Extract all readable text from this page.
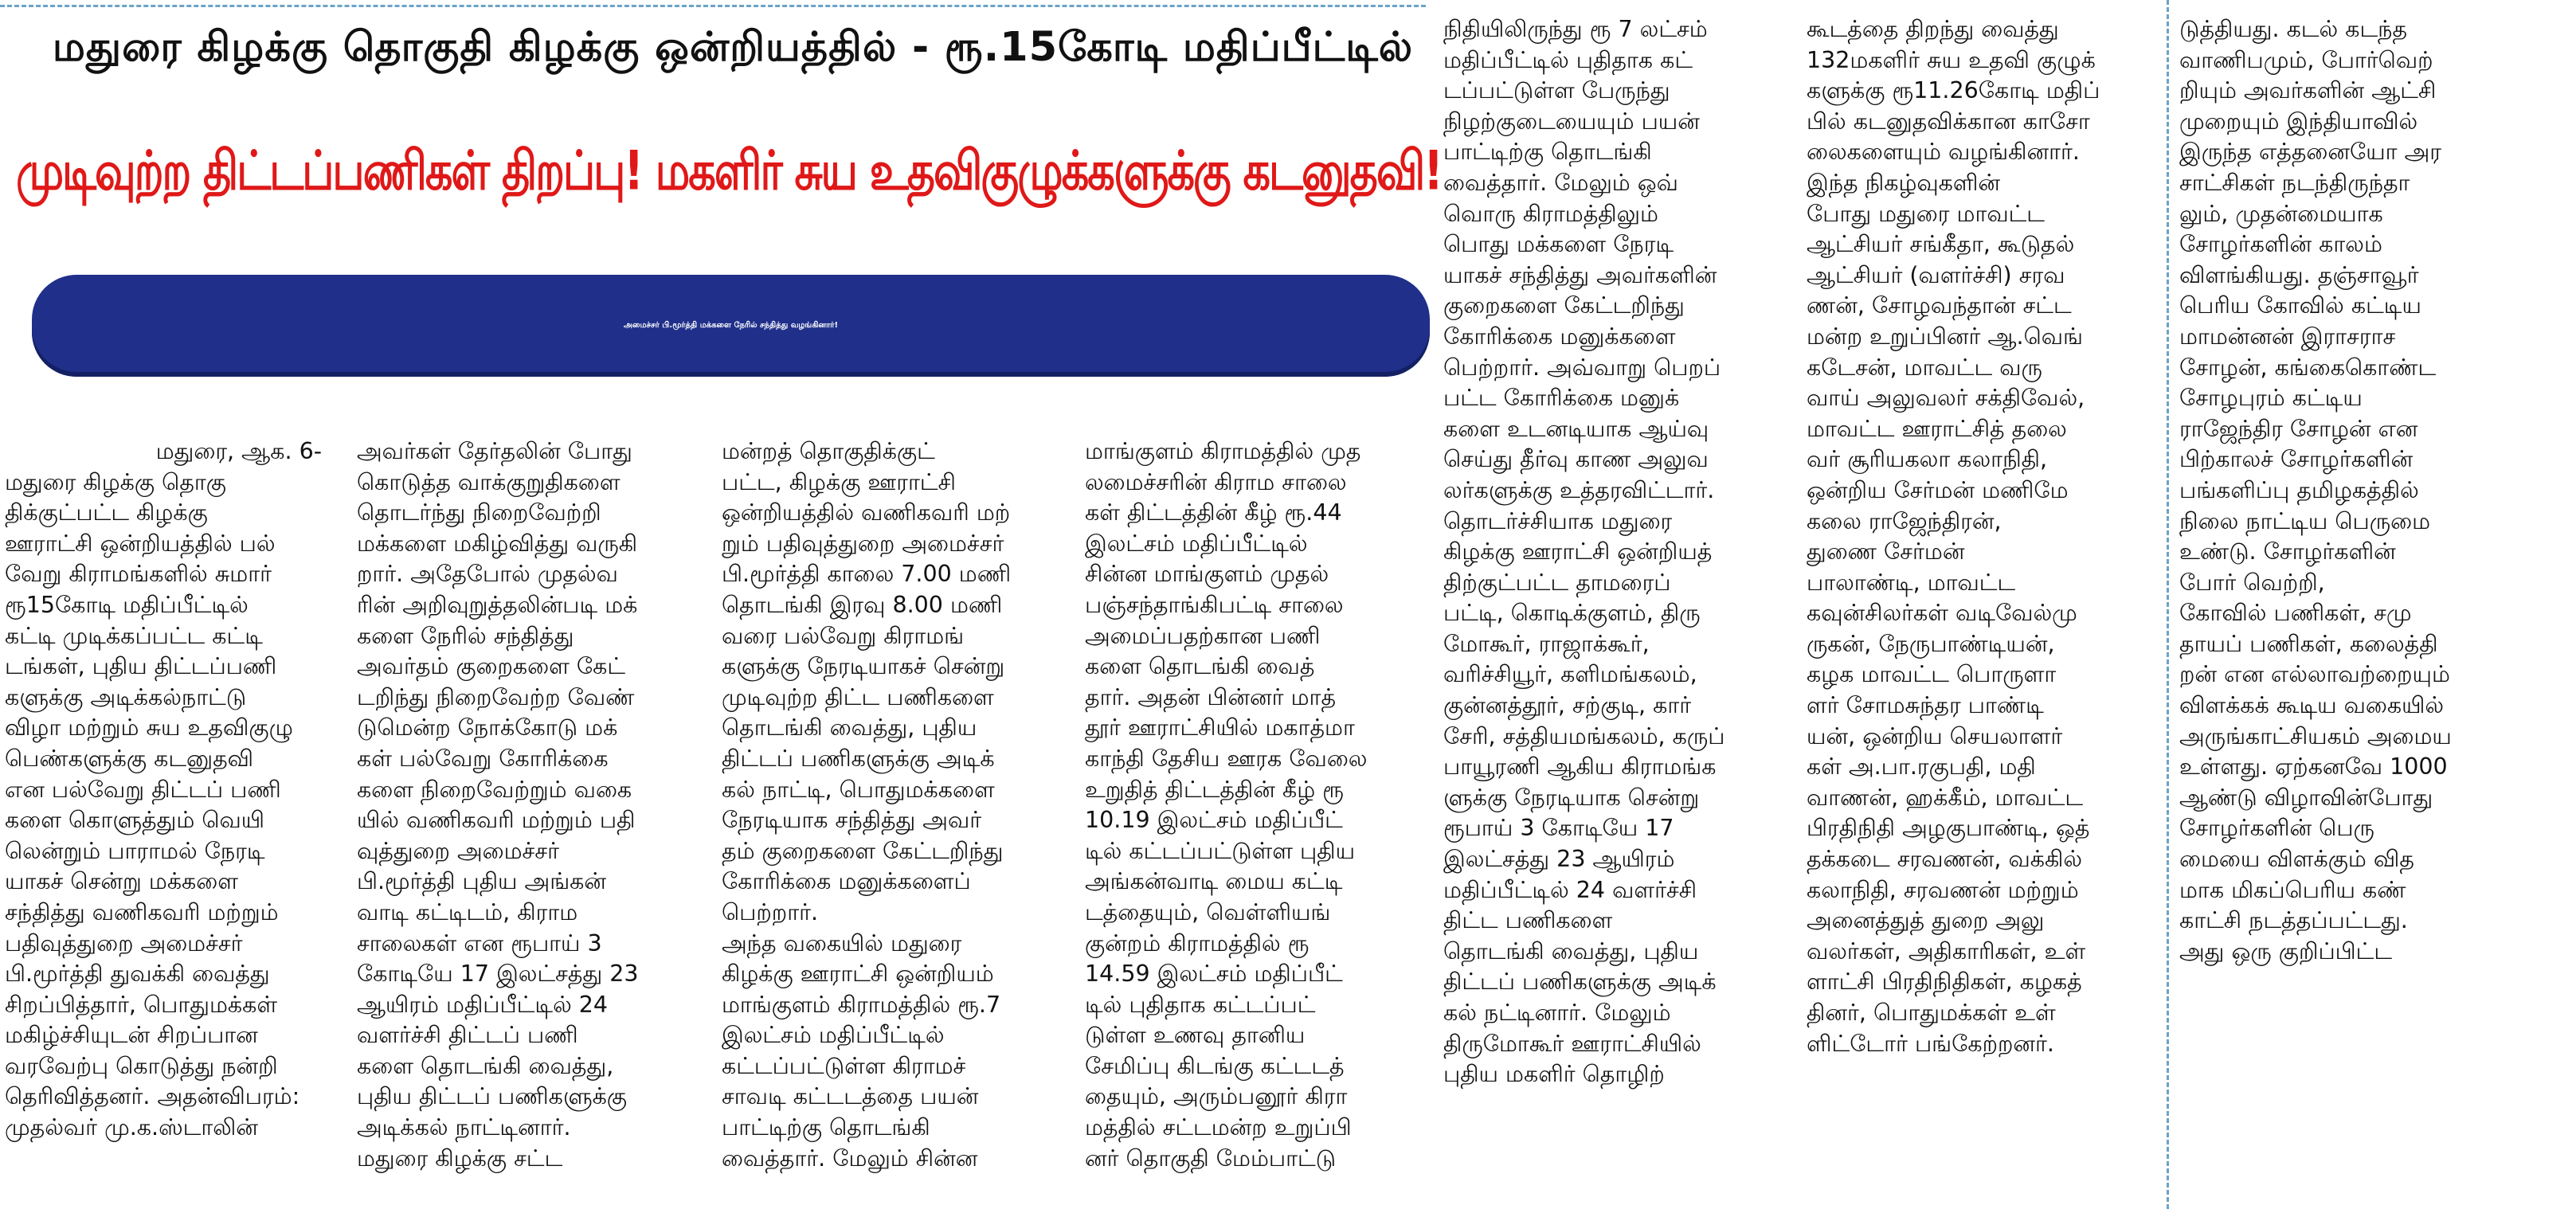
மதுரை கிழக்கு தொகுதி கிழக்கு ஒன்றியத்தில் - ரூ.15கோடி மதிப்பீட்டில்
முடிவுற்ற திட்டப்பணிகள் திறப்பு! மகளிர் சுய உதவிகுழுக்களுக்கு கடனுதவி!
அமைச்சர் பி.மூர்த்தி மக்களை நேரில் சந்தித்து வழங்கினார்!
மதுரை, ஆக. 6-
மதுரை கிழக்கு தொகு
திக்குட்பட்ட கிழக்கு
ஊராட்சி ஒன்றியத்தில் பல்
வேறு கிராமங்களில் சுமார்
ரூ15கோடி மதிப்பீட்டில்
கட்டி முடிக்கப்பட்ட கட்டி
டங்கள், புதிய திட்டப்பணி
களுக்கு அடிக்கல்நாட்டு
விழா மற்றும் சுய உதவிகுழு
பெண்களுக்கு கடனுதவி
என பல்வேறு திட்டப் பணி
களை கொளுத்தும் வெயி
லென்றும் பாராமல் நேரடி
யாகச் சென்று மக்களை
சந்தித்து வணிகவரி மற்றும்
பதிவுத்துறை அமைச்சர்
பி.மூர்த்தி துவக்கி வைத்து
சிறப்பித்தார், பொதுமக்கள்
மகிழ்ச்சியுடன் சிறப்பான
வரவேற்பு கொடுத்து நன்றி
தெரிவித்தனர். அதன்விபரம்:
முதல்வர் மு.க.ஸ்டாலின்
அவர்கள் தேர்தலின் போது
கொடுத்த வாக்குறுதிகளை
தொடர்ந்து நிறைவேற்றி
மக்களை மகிழ்வித்து வருகி
றார். அதேபோல் முதல்வ
ரின் அறிவுறுத்தலின்படி மக்
களை நேரில் சந்தித்து
அவர்தம் குறைகளை கேட்
டறிந்து நிறைவேற்ற வேண்
டுமென்ற நோக்கோடு மக்
கள் பல்வேறு கோரிக்கை
களை நிறைவேற்றும் வகை
யில் வணிகவரி மற்றும் பதி
வுத்துறை அமைச்சர்
பி.மூர்த்தி புதிய அங்கன்
வாடி கட்டிடம், கிராம
சாலைகள் என ரூபாய் 3
கோடியே 17 இலட்சத்து 23
ஆயிரம் மதிப்பீட்டில் 24
வளர்ச்சி திட்டப் பணி
களை தொடங்கி வைத்து,
புதிய திட்டப் பணிகளுக்கு
அடிக்கல் நாட்டினார்.
மதுரை கிழக்கு சட்ட
மன்றத் தொகுதிக்குட்
பட்ட, கிழக்கு ஊராட்சி
ஒன்றியத்தில் வணிகவரி மற்
றும் பதிவுத்துறை அமைச்சர்
பி.மூர்த்தி காலை 7.00 மணி
தொடங்கி இரவு 8.00 மணி
வரை பல்வேறு கிராமங்
களுக்கு நேரடியாகச் சென்று
முடிவுற்ற திட்ட பணிகளை
தொடங்கி வைத்து, புதிய
திட்டப் பணிகளுக்கு அடிக்
கல் நாட்டி, பொதுமக்களை
நேரடியாக சந்தித்து அவர்
தம் குறைகளை கேட்டறிந்து
கோரிக்கை மனுக்களைப்
பெற்றார்.
அந்த வகையில் மதுரை
கிழக்கு ஊராட்சி ஒன்றியம்
மாங்குளம் கிராமத்தில் ரூ.7
இலட்சம் மதிப்பீட்டில்
கட்டப்பட்டுள்ள கிராமச்
சாவடி கட்டடத்தை பயன்
பாட்டிற்கு தொடங்கி
வைத்தார். மேலும் சின்ன
மாங்குளம் கிராமத்தில் முத
லமைச்சரின் கிராம சாலை
கள் திட்டத்தின் கீழ் ரூ.44
இலட்சம் மதிப்பீட்டில்
சின்ன மாங்குளம் முதல்
பஞ்சந்தாங்கிபட்டி சாலை
அமைப்பதற்கான பணி
களை தொடங்கி வைத்
தார். அதன் பின்னர் மாத்
தூர் ஊராட்சியில் மகாத்மா
காந்தி தேசிய ஊரக வேலை
உறுதித் திட்டத்தின் கீழ் ரூ
10.19 இலட்சம் மதிப்பீட்
டில் கட்டப்பட்டுள்ள புதிய
அங்கன்வாடி மைய கட்டி
டத்தையும், வெள்ளியங்
குன்றம் கிராமத்தில் ரூ
14.59 இலட்சம் மதிப்பீட்
டில் புதிதாக கட்டப்பட்
டுள்ள உணவு தானிய
சேமிப்பு கிடங்கு கட்டடத்
தையும், அரும்பனூர் கிரா
மத்தில் சட்டமன்ற உறுப்பி
னர் தொகுதி மேம்பாட்டு
நிதியிலிருந்து ரூ 7 லட்சம்
மதிப்பீட்டில் புதிதாக கட்
டப்பட்டுள்ள பேருந்து
நிழற்குடையையும் பயன்
பாட்டிற்கு தொடங்கி
வைத்தார். மேலும் ஒவ்
வொரு கிராமத்திலும்
பொது மக்களை நேரடி
யாகச் சந்தித்து அவர்களின்
குறைகளை கேட்டறிந்து
கோரிக்கை மனுக்களை
பெற்றார். அவ்வாறு பெறப்
பட்ட கோரிக்கை மனுக்
களை உடனடியாக ஆய்வு
செய்து தீர்வு காண அலுவ
லர்களுக்கு உத்தரவிட்டார்.
தொடர்ச்சியாக மதுரை
கிழக்கு ஊராட்சி ஒன்றியத்
திற்குட்பட்ட தாமரைப்
பட்டி, கொடிக்குளம், திரு
மோகூர், ராஜாக்கூர்,
வரிச்சியூர், களிமங்கலம்,
குன்னத்தூர், சற்குடி, கார்
சேரி, சத்தியமங்கலம், கருப்
பாயூரணி ஆகிய கிராமங்க
ளுக்கு நேரடியாக சென்று
ரூபாய் 3 கோடியே 17
இலட்சத்து 23 ஆயிரம்
மதிப்பீட்டில் 24 வளர்ச்சி
திட்ட பணிகளை
தொடங்கி வைத்து, புதிய
திட்டப் பணிகளுக்கு அடிக்
கல் நட்டினார். மேலும்
திருமோகூர் ஊராட்சியில்
புதிய மகளிர் தொழிற்
கூடத்தை திறந்து வைத்து
132மகளிர் சுய உதவி குழுக்
களுக்கு ரூ11.26கோடி மதிப்
பில் கடனுதவிக்கான காசோ
லைகளையும் வழங்கினார்.
இந்த நிகழ்வுகளின்
போது மதுரை மாவட்ட
ஆட்சியர் சங்கீதா, கூடுதல்
ஆட்சியர் (வளர்ச்சி) சரவ
ணன், சோழவந்தான் சட்ட
மன்ற உறுப்பினர் ஆ.வெங்
கடேசன், மாவட்ட வரு
வாய் அலுவலர் சக்திவேல்,
மாவட்ட ஊராட்சித் தலை
வர் சூரியகலா கலாநிதி,
ஒன்றிய சேர்மன் மணிமே
கலை ராஜேந்திரன்,
துணை சேர்மன்
பாலாண்டி, மாவட்ட
கவுன்சிலர்கள் வடிவேல்மு
ருகன், நேருபாண்டியன்,
கழக மாவட்ட பொருளா
ளர் சோமசுந்தர பாண்டி
யன், ஒன்றிய செயலாளர்
கள் அ.பா.ரகுபதி, மதி
வாணன், ஹக்கீம், மாவட்ட
பிரதிநிதி அழகுபாண்டி, ஒத்
தக்கடை சரவணன், வக்கில்
கலாநிதி, சரவணன் மற்றும்
அனைத்துத் துறை அலு
வலர்கள், அதிகாரிகள், உள்
ளாட்சி பிரதிநிதிகள், கழகத்
தினர், பொதுமக்கள் உள்
ளிட்டோர் பங்கேற்றனர்.
டுத்தியது. கடல் கடந்த
வாணிபமும், போர்வெற்
றியும் அவர்களின் ஆட்சி
முறையும் இந்தியாவில்
இருந்த எத்தனையோ அர
சாட்சிகள் நடந்திருந்தா
லும், முதன்மையாக
சோழர்களின் காலம்
விளங்கியது. தஞ்சாவூர்
பெரிய கோவில் கட்டிய
மாமன்னன் இராசராச
சோழன், கங்கைகொண்ட
சோழபுரம் கட்டிய
ராஜேந்திர சோழன் என
பிற்காலச் சோழர்களின்
பங்களிப்பு தமிழகத்தில்
நிலை நாட்டிய பெருமை
உண்டு. சோழர்களின்
போர் வெற்றி,
கோவில் பணிகள், சமு
தாயப் பணிகள், கலைத்தி
றன் என எல்லாவற்றையும்
விளக்கக் கூடிய வகையில்
அருங்காட்சியகம் அமைய
உள்ளது. ஏற்கனவே 1000
ஆண்டு விழாவின்போது
சோழர்களின் பெரு
மையை விளக்கும் வித
மாக மிகப்பெரிய கண்
காட்சி நடத்தப்பட்டது.
அது ஒரு குறிப்பிட்ட
